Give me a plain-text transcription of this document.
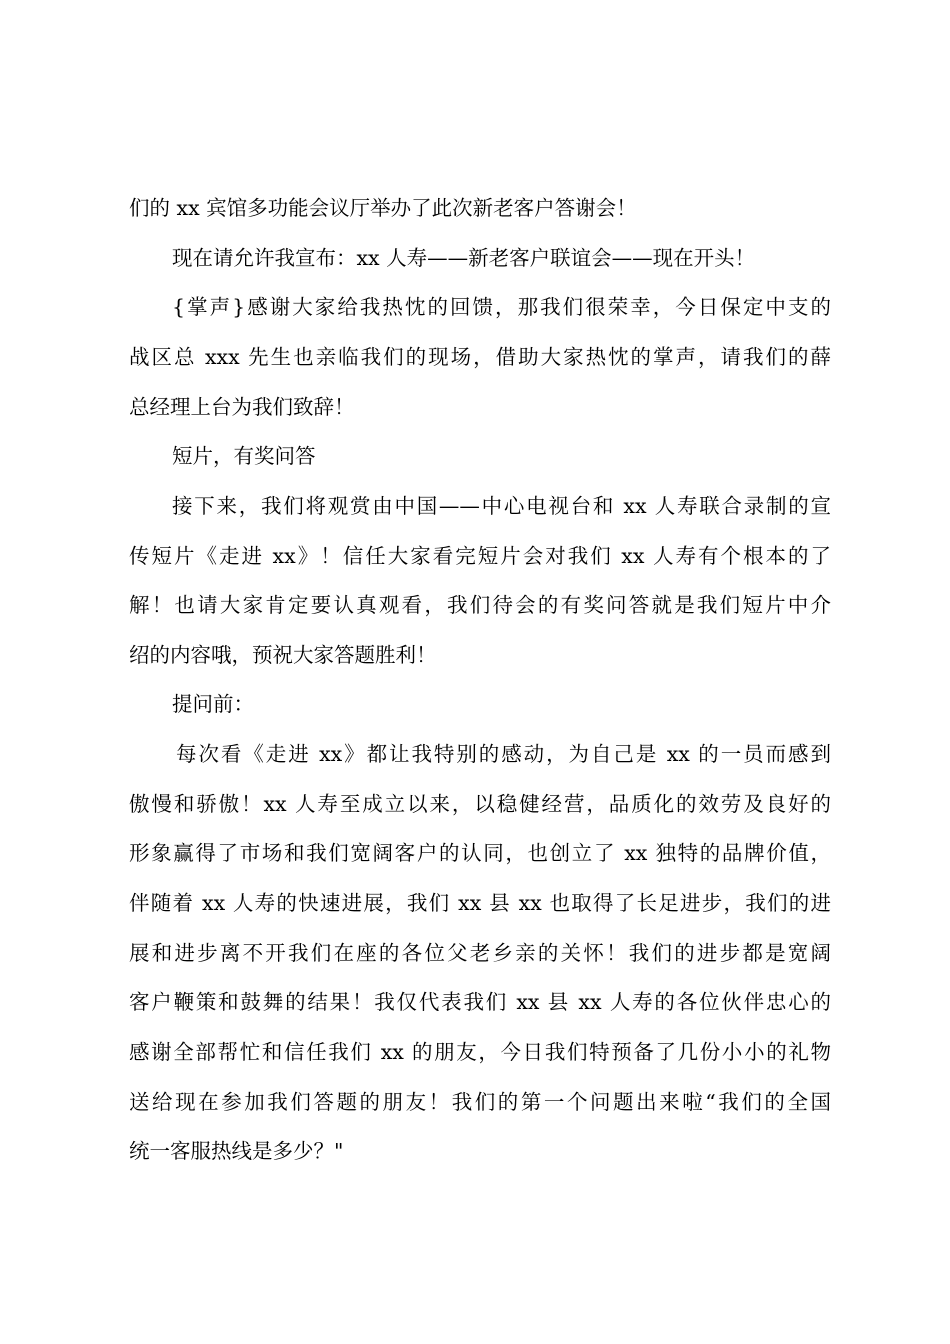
们的 xx 宾馆多功能会议厅举办了此次新老客户答谢会！
现在请允许我宣布：xx 人寿——新老客户联谊会——现在开头！
{掌声}感谢大家给我热忱的回馈，那我们很荣幸，今日保定中支的
战区总 xxx 先生也亲临我们的现场，借助大家热忱的掌声，请我们的薛
总经理上台为我们致辞！
短片，有奖问答
接下来，我们将观赏由中国——中心电视台和 xx 人寿联合录制的宣
传短片《走进 xx》！信任大家看完短片会对我们 xx 人寿有个根本的了
解！也请大家肯定要认真观看，我们待会的有奖问答就是我们短片中介
绍的内容哦，预祝大家答题胜利！
提问前：
每次看《走进 xx》都让我特别的感动，为自己是 xx 的一员而感到
傲慢和骄傲！xx 人寿至成立以来，以稳健经营，品质化的效劳及良好的
形象赢得了市场和我们宽阔客户的认同，也创立了 xx 独特的品牌价值，
伴随着 xx 人寿的快速进展，我们 xx 县 xx 也取得了长足进步，我们的进
展和进步离不开我们在座的各位父老乡亲的关怀！我们的进步都是宽阔
客户鞭策和鼓舞的结果！我仅代表我们 xx 县 xx 人寿的各位伙伴忠心的
感谢全部帮忙和信任我们 xx 的朋友，今日我们特预备了几份小小的礼物
送给现在参加我们答题的朋友！我们的第一个问题出来啦“我们的全国
统一客服热线是多少？"
